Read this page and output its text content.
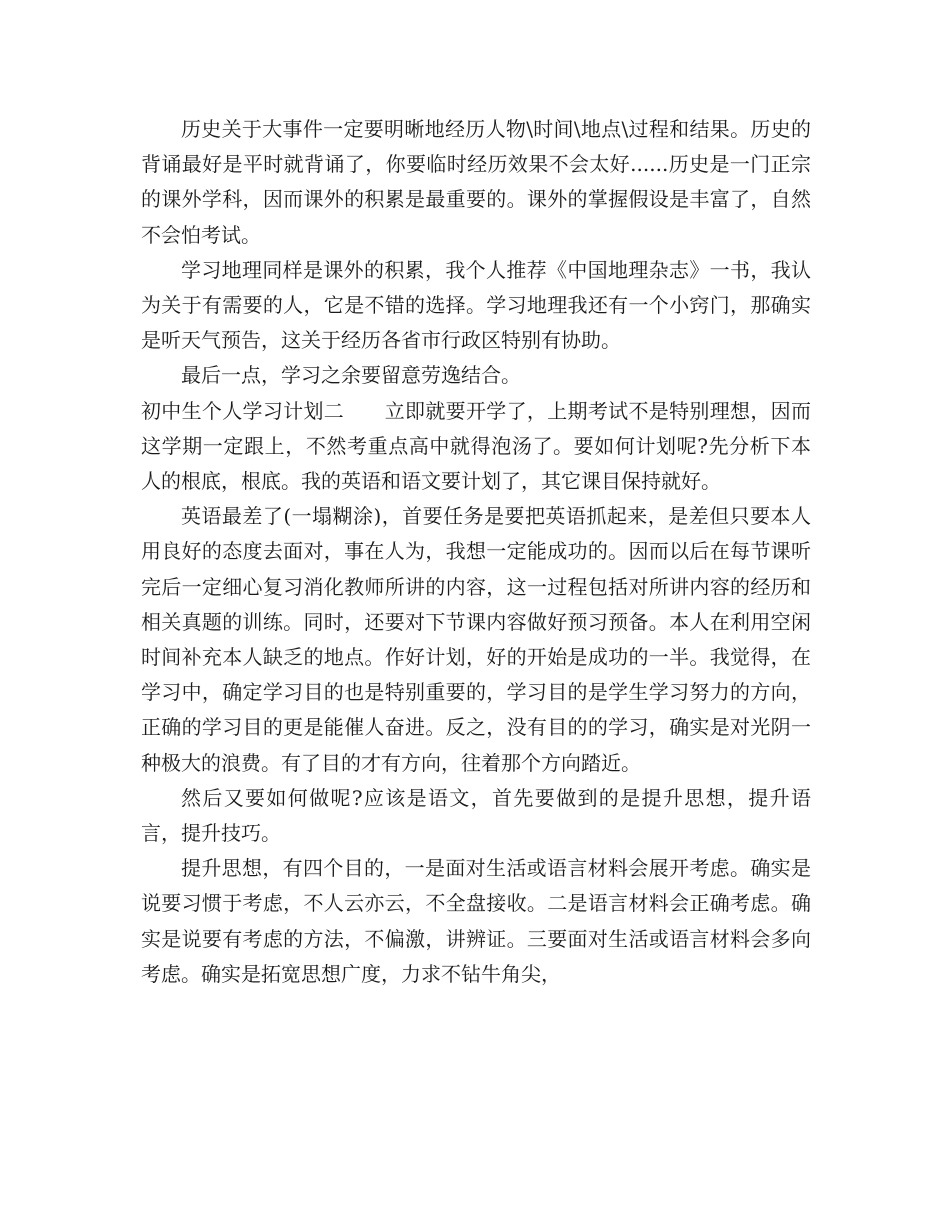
历史关于大事件一定要明晰地经历人物\时间\地点\过程和结果。历史的背诵最好是平时就背诵了，你要临时经历效果不会太好......历史是一门正宗的课外学科，因而课外的积累是最重要的。课外的掌握假设是丰富了，自然不会怕考试。

学习地理同样是课外的积累，我个人推荐《中国地理杂志》一书，我认为关于有需要的人，它是不错的选择。学习地理我还有一个小窍门，那确实是听天气预告，这关于经历各省市行政区特别有协助。

最后一点，学习之余要留意劳逸结合。

初中生个人学习计划二　　 立即就要开学了，上期考试不是特别理想，因而这学期一定跟上，不然考重点高中就得泡汤了。要如何计划呢?先分析下本人的根底，根底。我的英语和语文要计划了，其它课目保持就好。

英语最差了(一塌糊涂)，首要任务是要把英语抓起来，是差但只要本人用良好的态度去面对，事在人为，我想一定能成功的。因而以后在每节课听完后一定细心复习消化教师所讲的内容，这一过程包括对所讲内容的经历和相关真题的训练。同时，还要对下节课内容做好预习预备。本人在利用空闲时间补充本人缺乏的地点。作好计划，好的开始是成功的一半。我觉得，在学习中，确定学习目的也是特别重要的，学习目的是学生学习努力的方向，正确的学习目的更是能催人奋进。反之，没有目的的学习，确实是对光阴一种极大的浪费。有了目的才有方向，往着那个方向踏近。

然后又要如何做呢?应该是语文，首先要做到的是提升思想，提升语言，提升技巧。

提升思想，有四个目的，一是面对生活或语言材料会展开考虑。确实是说要习惯于考虑，不人云亦云，不全盘接收。二是语言材料会正确考虑。确实是说要有考虑的方法，不偏激，讲辨证。三要面对生活或语言材料会多向考虑。确实是拓宽思想广度，力求不钻牛角尖，
